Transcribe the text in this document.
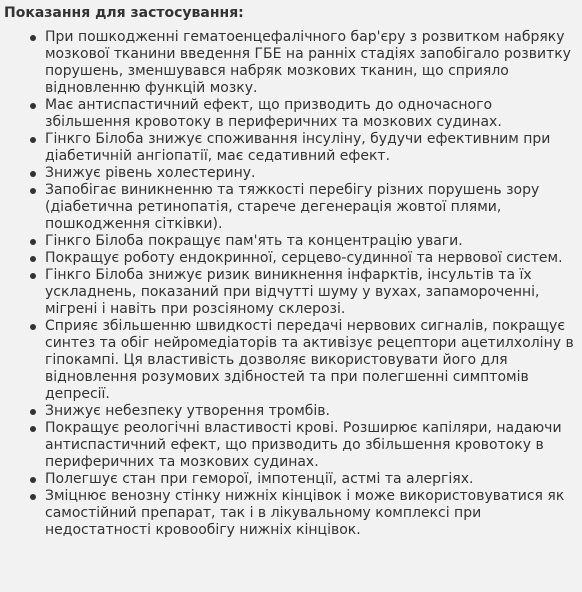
Показання для застосування:
При пошкодженні гематоенцефалічного бар'єру з розвитком набряку мозкової тканини введення ГБЕ на ранніх стадіях запобігало розвитку порушень, зменшувався набряк мозкових тканин, що сприяло відновленню функцій мозку.
Має антиспастичний ефект, що призводить до одночасного збільшення кровотоку в периферичних та мозкових судинах.
Гінкго Білоба знижує споживання інсуліну, будучи ефективним при діабетичній ангіопатії, має седативний ефект.
Знижує рівень холестерину.
Запобігає виникненню та тяжкості перебігу різних порушень зору (діабетична ретинопатія, старече дегенерація жовтої плями, пошкодження сітківки).
Гінкго Білоба покращує пам'ять та концентрацію уваги.
Покращує роботу ендокринної, серцево-судинної та нервової систем.
Гінкго Білоба знижує ризик виникнення інфарктів, інсультів та їх ускладнень, показаний при відчутті шуму у вухах, запамороченні, мігрені і навіть при розсіяному склерозі.
Сприяє збільшенню швидкості передачі нервових сигналів, покращує синтез та обіг нейромедіаторів та активізує рецептори ацетилхоліну в гіпокампі. Ця властивість дозволяє використовувати його для відновлення розумових здібностей та при полегшенні симптомів депресії.
Знижує небезпеку утворення тромбів.
Покращує реологічні властивості крові. Розширює капіляри, надаючи антиспастичний ефект, що призводить до збільшення кровотоку в периферичних та мозкових судинах.
Полегшує стан при геморої, імпотенції, астмі та алергіях.
Зміцнює венозну стінку нижніх кінцівок і може використовуватися як самостійний препарат, так і в лікувальному комплексі при недостатності кровообігу нижніх кінцівок.
